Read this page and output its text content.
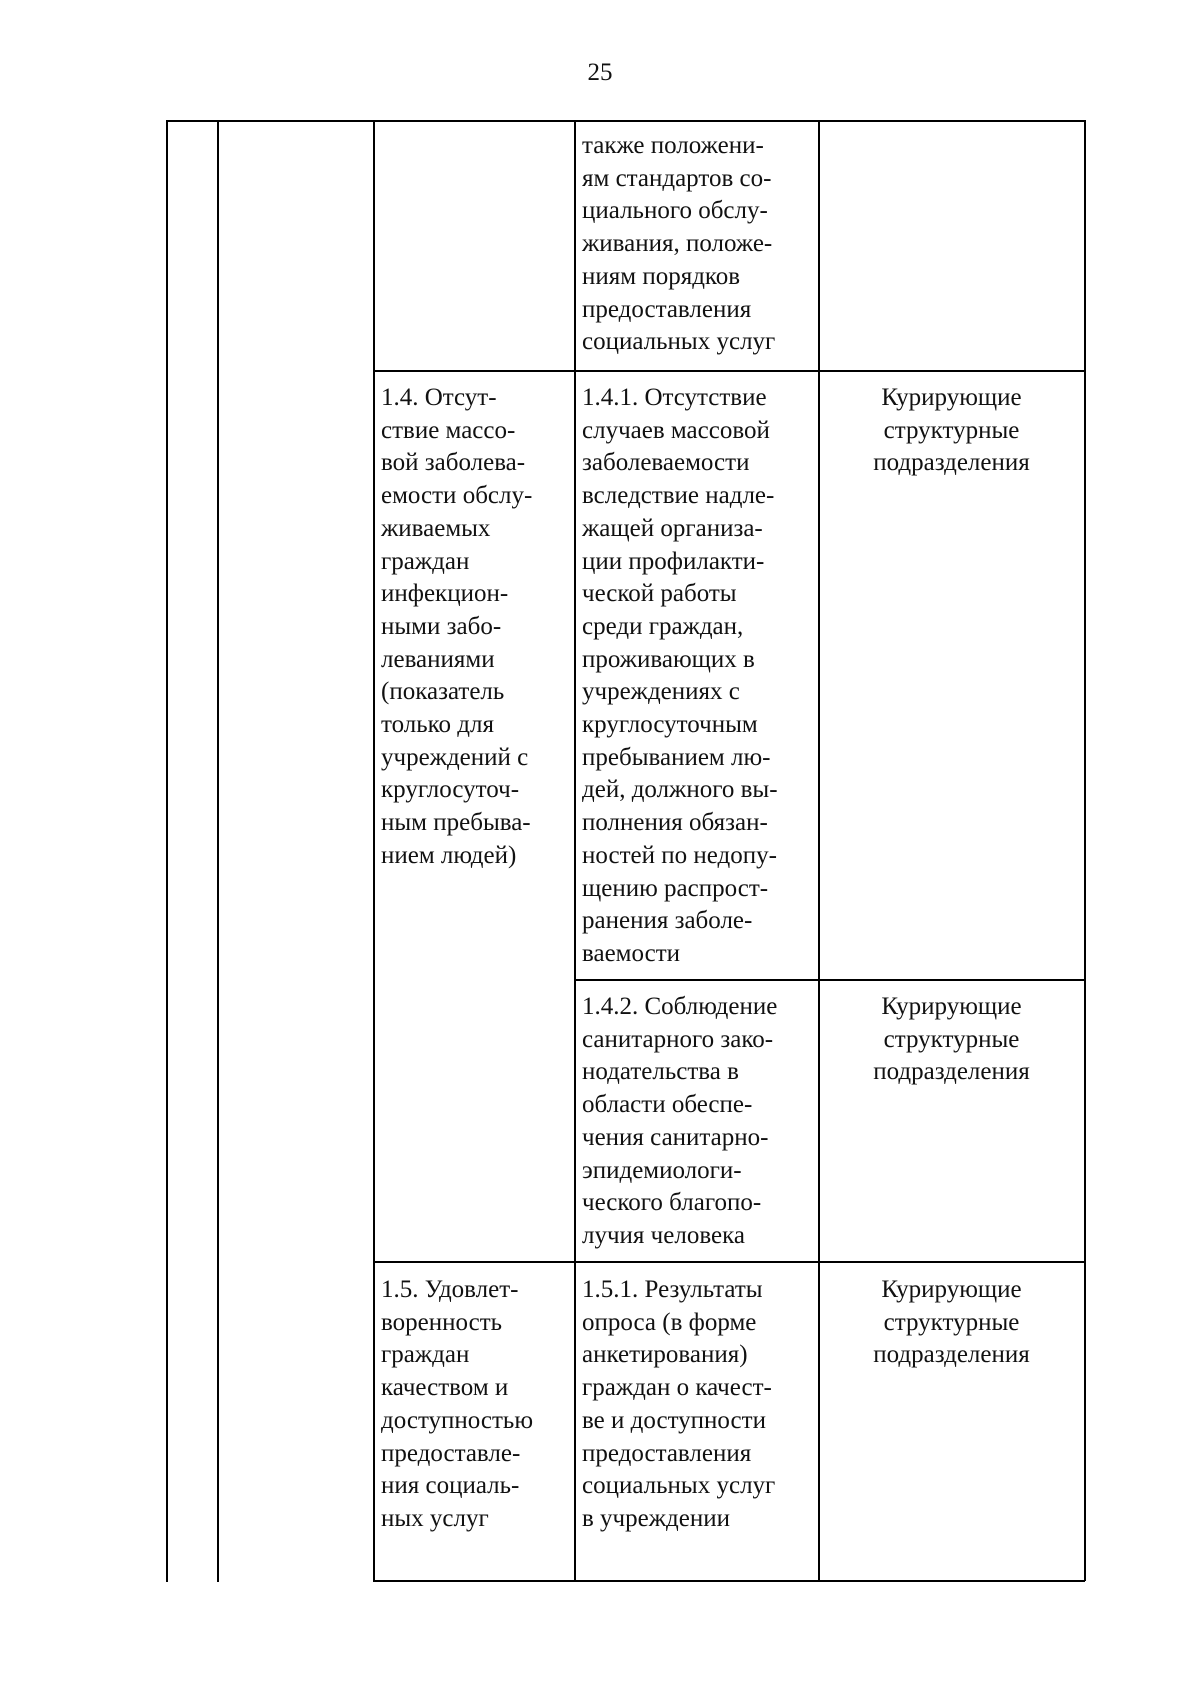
25
также положени-
ям стандартов со-
циального обслу-
живания, положе-
ниям порядков
предоставления
социальных услуг
1.4. Отсут-
ствие массо-
вой заболева-
емости обслу-
живаемых
граждан
инфекцион-
ными забо-
леваниями
(показатель
только для
учреждений с
круглосуточ-
ным пребыва-
нием людей)
1.4.1. Отсутствие
случаев массовой
заболеваемости
вследствие надле-
жащей организа-
ции профилакти-
ческой работы
среди граждан,
проживающих в
учреждениях с
круглосуточным
пребыванием лю-
дей, должного вы-
полнения обязан-
ностей по недопу-
щению распрост-
ранения заболе-
ваемости
Курирующие
структурные
подразделения
1.4.2. Соблюдение
санитарного зако-
нодательства в
области обеспе-
чения санитарно-
эпидемиологи-
ческого благопо-
лучия человека
Курирующие
структурные
подразделения
1.5. Удовлет-
воренность
граждан
качеством и
доступностью
предоставле-
ния социаль-
ных услуг
1.5.1. Результаты
опроса (в форме
анкетирования)
граждан о качест-
ве и доступности
предоставления
социальных услуг
в учреждении
Курирующие
структурные
подразделения
